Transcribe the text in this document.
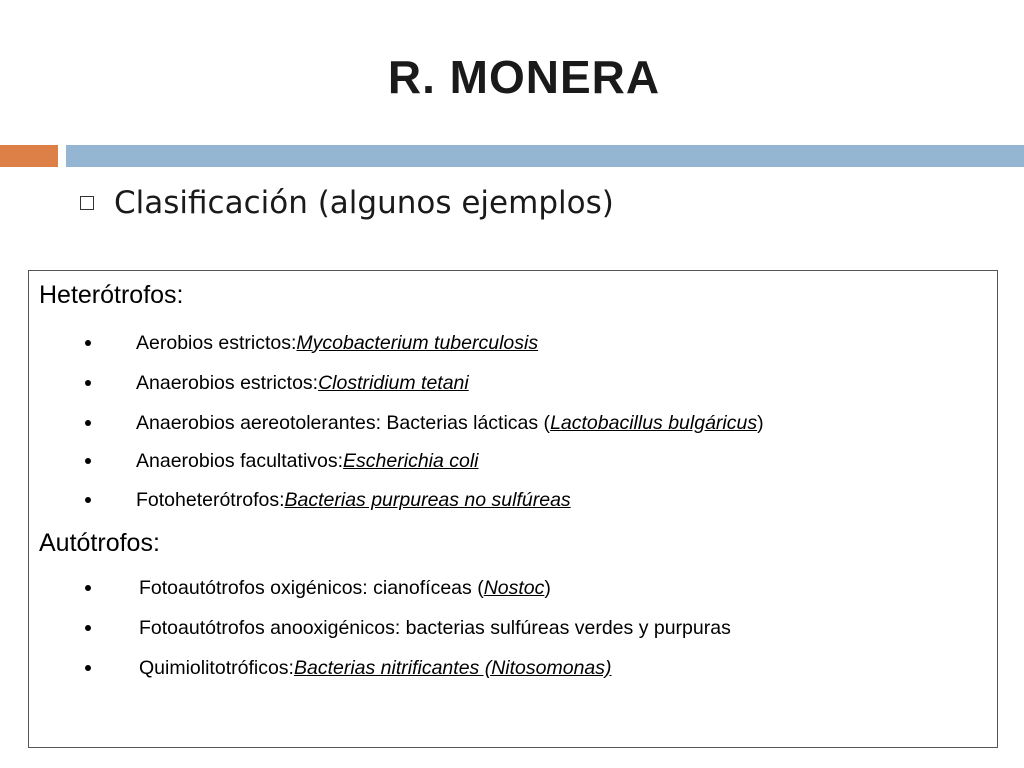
R. MONERA
Clasificación (algunos ejemplos)
Heterótrofos:
Aerobios estrictos: Mycobacterium tuberculosis
Anaerobios estrictos: Clostridium tetani
Anaerobios aereotolerantes: Bacterias lácticas ( Lactobacillus bulgáricus )
Anaerobios facultativos: Escherichia coli
Fotoheterótrofos: Bacterias purpureas no sulfúreas
Autótrofos:
Fotoautótrofos oxigénicos: cianofíceas ( Nostoc )
Fotoautótrofos anooxigénicos: bacterias sulfúreas verdes y purpuras
Quimiolitotróficos: Bacterias nitrificantes (Nitosomonas)
